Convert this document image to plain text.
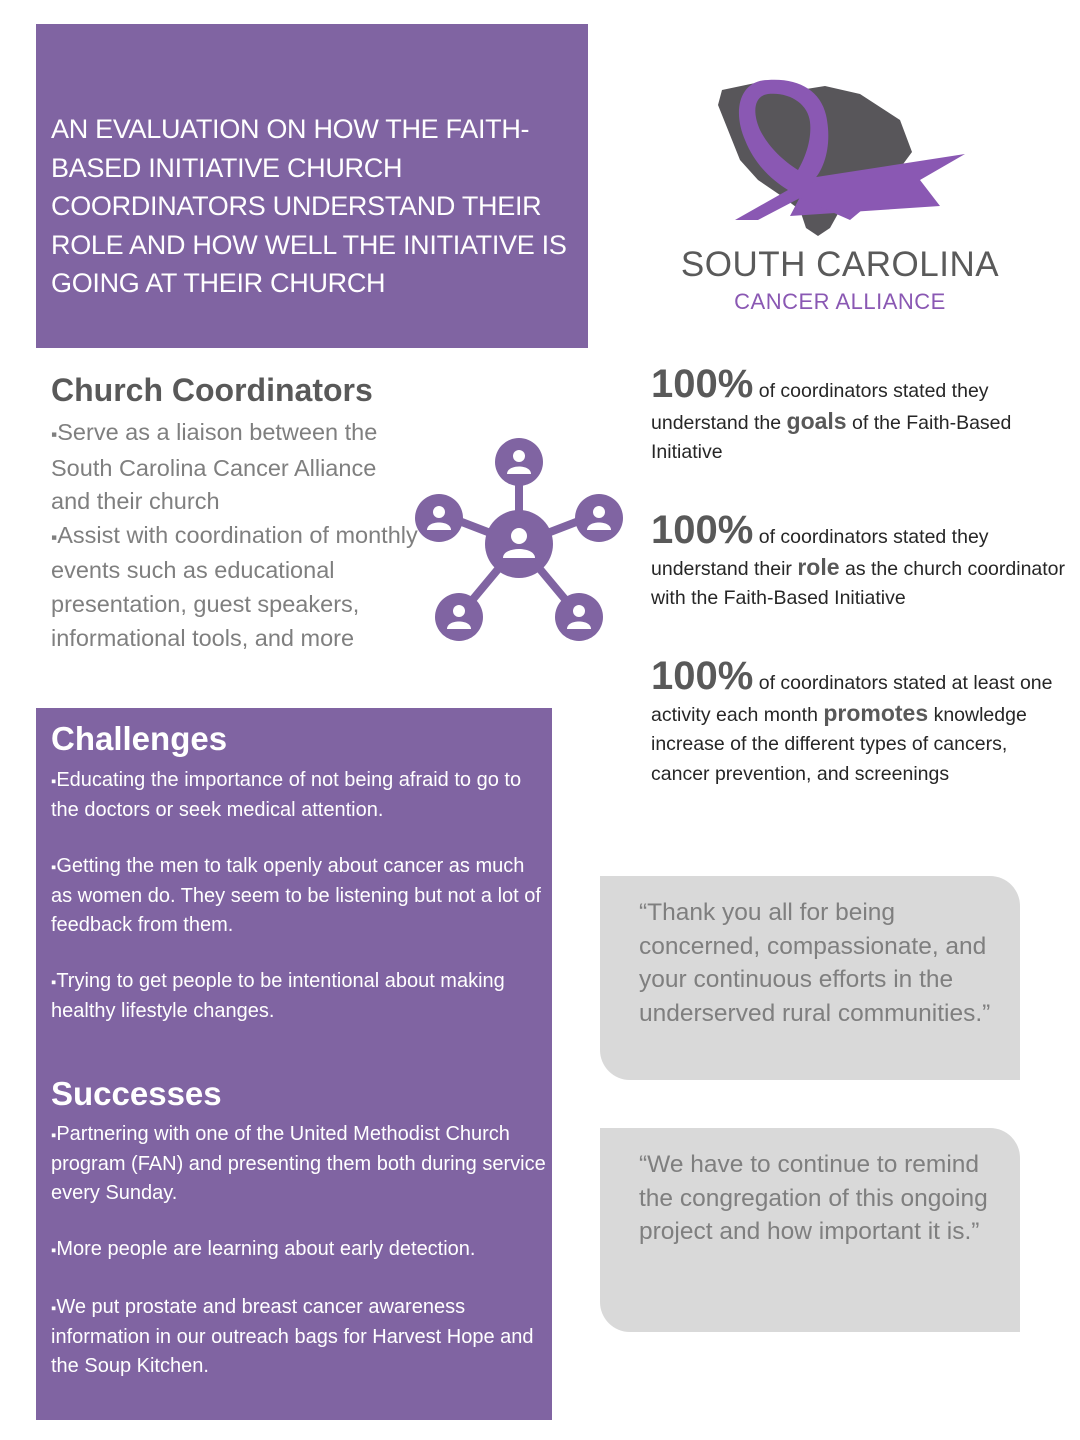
AN EVALUATION ON HOW THE FAITH-BASED INITIATIVE CHURCH COORDINATORS UNDERSTAND THEIR ROLE AND HOW WELL THE INITIATIVE IS GOING AT THEIR CHURCH	SOUTH CAROLINA
CANCER ALLIANCE
Church Coordinators
▪ Serve as a liaison between the South Carolina Cancer Alliance and their church
▪ Assist with coordination of monthly events such as educational presentation, guest speakers, informational tools, and more
100% of coordinators stated they understand the goals of the Faith-Based Initiative
100% of coordinators stated they understand their role as the church coordinator with the Faith-Based Initiative
100% of coordinators stated at least one activity each month promotes knowledge increase of the different types of cancers, cancer prevention, and screenings
Challenges
▪ Educating the importance of not being afraid to go to the doctors or seek medical attention.
▪ Getting the men to talk openly about cancer as much as women do. They seem to be listening but not a lot of feedback from them.
▪ Trying to get people to be intentional about making healthy lifestyle changes.
Successes
▪ Partnering with one of the United Methodist Church program (FAN) and presenting them both during service every Sunday.
▪ More people are learning about early detection.
▪ We put prostate and breast cancer awareness information in our outreach bags for Harvest Hope and the Soup Kitchen.

“Thank you all for being concerned, compassionate, and your continuous efforts in the underserved rural communities.”

“We have to continue to remind the congregation of this ongoing project and how important it is.”
